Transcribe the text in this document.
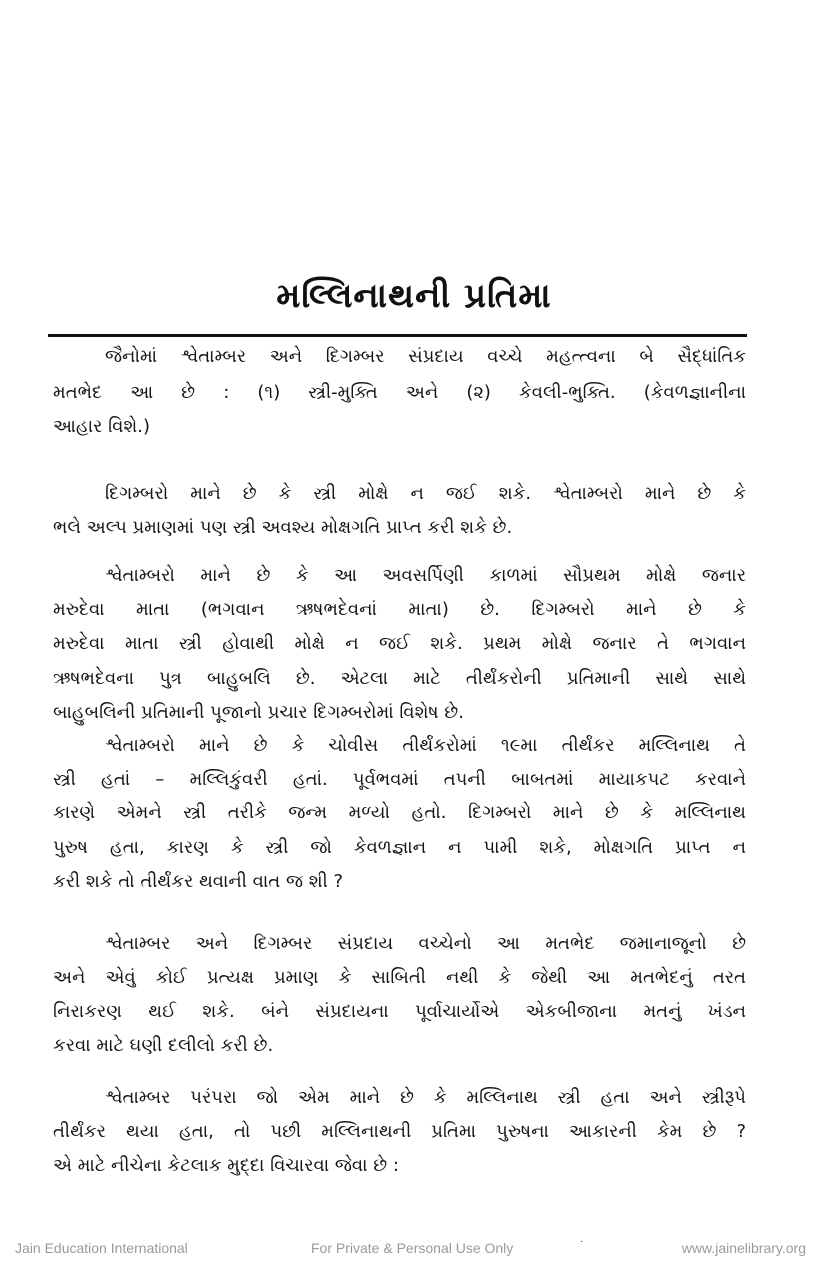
મલ્લિનાથની પ્રતિમા
જૈનોમાં શ્વેતામ્બર અને દિગમ્બર સંપ્રદાય વચ્ચે મહત્ત્વના બે સૈદ્ધાંતિક
મતભેદ આ છે : (૧) સ્ત્રી-મુક્તિ અને (૨) કેવલી-ભુક્તિ. (કેવળજ્ઞાનીના
આહાર વિશે.)
દિગમ્બરો માને છે કે સ્ત્રી મોક્ષે ન જઈ શકે. શ્વેતામ્બરો માને છે કે
ભલે અલ્પ પ્રમાણમાં પણ સ્ત્રી અવશ્ય મોક્ષગતિ પ્રાપ્ત કરી શકે છે.
શ્વેતામ્બરો માને છે કે આ અવસર્પિણી કાળમાં સૌપ્રથમ મોક્ષે જનાર
મરુદેવા માતા (ભગવાન ઋષભદેવનાં માતા) છે. દિગમ્બરો માને છે કે
મરુદેવા માતા સ્ત્રી હોવાથી મોક્ષે ન જઈ શકે. પ્રથમ મોક્ષે જનાર તે ભગવાન
ઋષભદેવના પુત્ર બાહુબલિ છે. એટલા માટે તીર્થંકરોની પ્રતિમાની સાથે સાથે
બાહુબલિની પ્રતિમાની પૂજાનો પ્રચાર દિગમ્બરોમાં વિશેષ છે.
શ્વેતામ્બરો માને છે કે ચોવીસ તીર્થંકરોમાં ૧૯મા તીર્થંકર મલ્લિનાથ તે
સ્ત્રી હતાં – મલ્લિકુંવરી હતાં. પૂર્વભવમાં તપની બાબતમાં માયાકપટ કરવાને
કારણે એમને સ્ત્રી તરીકે જન્મ મળ્યો હતો. દિગમ્બરો માને છે કે મલ્લિનાથ
પુરુષ હતા, કારણ કે સ્ત્રી જો કેવળજ્ઞાન ન પામી શકે, મોક્ષગતિ પ્રાપ્ત ન
કરી શકે તો તીર્થંકર થવાની વાત જ શી ?
શ્વેતામ્બર અને દિગમ્બર સંપ્રદાય વચ્ચેનો આ મતભેદ જમાનાજૂનો છે
અને એવું કોઈ પ્રત્યક્ષ પ્રમાણ કે સાબિતી નથી કે જેથી આ મતભેદનું તરત
નિરાકરણ થઈ શકે. બંને સંપ્રદાયના પૂર્વાચાર્યોએ એકબીજાના મતનું ખંડન
કરવા માટે ઘણી દલીલો કરી છે.
શ્વેતામ્બર પરંપરા જો એમ માને છે કે મલ્લિનાથ સ્ત્રી હતા અને સ્ત્રીરૂપે
તીર્થંકર થયા હતા, તો પછી મલ્લિનાથની પ્રતિમા પુરુષના આકારની કેમ છે ?
એ માટે નીચેના કેટલાક મુદ્દા વિચારવા જેવા છે :
Jain Education International	For Private & Personal Use Only	·	www.jainelibrary.org
